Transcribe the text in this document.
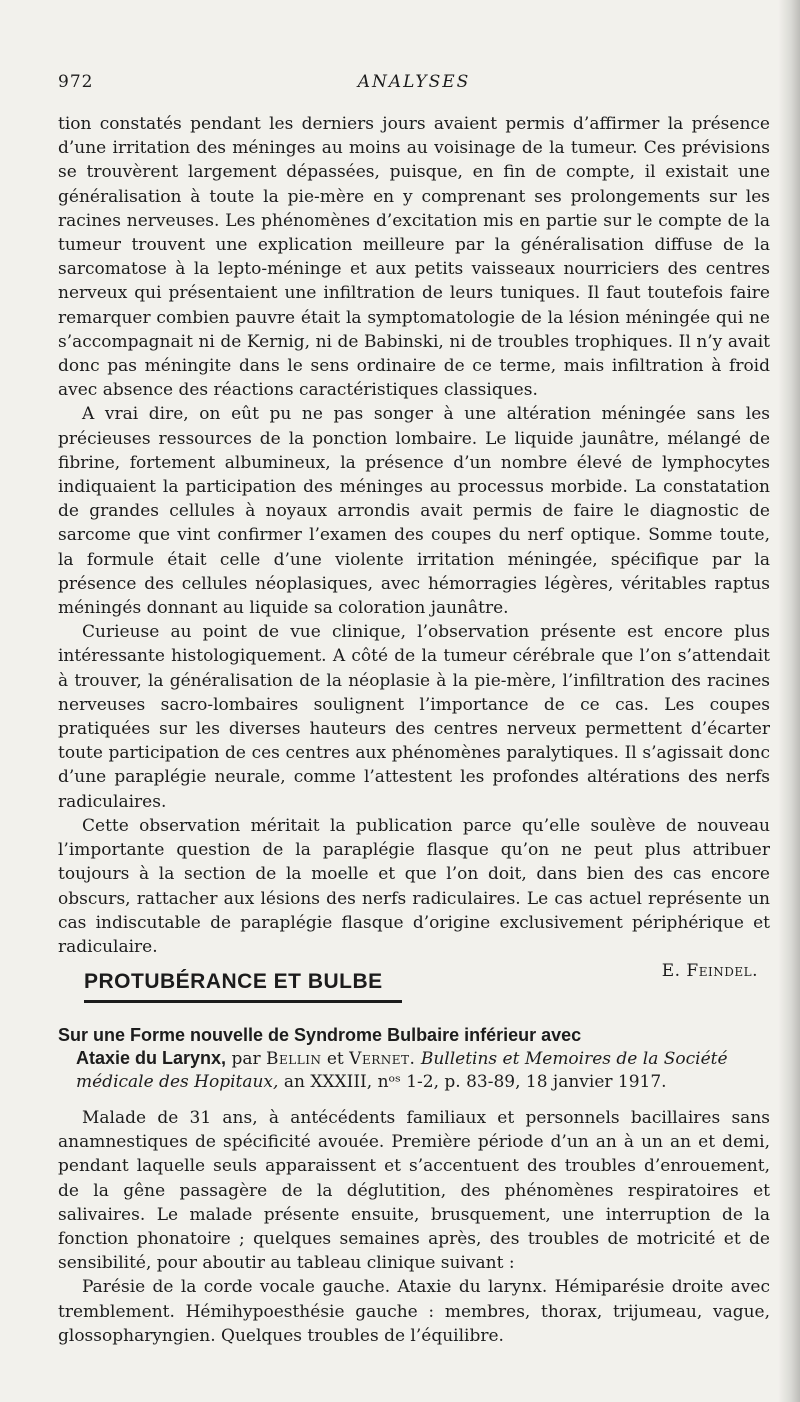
972	ANALYSES

tion constatés pendant les derniers jours avaient permis d’affirmer la présence d’une irritation des méninges au moins au voisinage de la tumeur. Ces prévisions se trouvèrent largement dépassées, puisque, en fin de compte, il existait une généralisation à toute la pie-mère en y comprenant ses prolongements sur les racines nerveuses. Les phénomènes d’excitation mis en partie sur le compte de la tumeur trouvent une explication meilleure par la généralisation diffuse de la sarcomatose à la lepto-méninge et aux petits vaisseaux nourriciers des centres nerveux qui présentaient une infiltration de leurs tuniques. Il faut toutefois faire remarquer combien pauvre était la symptomatologie de la lésion méningée qui ne s’accompagnait ni de Kernig, ni de Babinski, ni de troubles trophiques. Il n’y avait donc pas méningite dans le sens ordinaire de ce terme, mais infiltration à froid avec absence des réactions caractéristiques classiques.

A vrai dire, on eût pu ne pas songer à une altération méningée sans les précieuses ressources de la ponction lombaire. Le liquide jaunâtre, mélangé de fibrine, fortement albumineux, la présence d’un nombre élevé de lymphocytes indiquaient la participation des méninges au processus morbide. La constatation de grandes cellules à noyaux arrondis avait permis de faire le diagnostic de sarcome que vint confirmer l’examen des coupes du nerf optique. Somme toute, la formule était celle d’une violente irritation méningée, spécifique par la présence des cellules néoplasiques, avec hémorragies légères, véritables raptus méningés donnant au liquide sa coloration jaunâtre.

Curieuse au point de vue clinique, l’observation présente est encore plus intéressante histologiquement. A côté de la tumeur cérébrale que l’on s’attendait à trouver, la généralisation de la néoplasie à la pie-mère, l’infiltration des racines nerveuses sacro-lombaires soulignent l’importance de ce cas. Les coupes pratiquées sur les diverses hauteurs des centres nerveux permettent d’écarter toute participation de ces centres aux phénomènes paralytiques. Il s’agissait donc d’une paraplégie neurale, comme l’attestent les profondes altérations des nerfs radiculaires.

Cette observation méritait la publication parce qu’elle soulève de nouveau l’importante question de la paraplégie flasque qu’on ne peut plus attribuer toujours à la section de la moelle et que l’on doit, dans bien des cas encore obscurs, rattacher aux lésions des nerfs radiculaires. Le cas actuel représente un cas indiscutable de paraplégie flasque d’origine exclusivement périphérique et radiculaire.

E. Feindel.

PROTUBÉRANCE ET BULBE
Sur une Forme nouvelle de Syndrome Bulbaire inférieur avec
Ataxie du Larynx, par Bellin et Vernet. Bulletins et Memoires de la Société médicale des Hopitaux, an XXXIII, nᵒˢ 1-2, p. 83-89, 18 janvier 1917.

Malade de 31 ans, à antécédents familiaux et personnels bacillaires sans anamnestiques de spécificité avouée. Première période d’un an à un an et demi, pendant laquelle seuls apparaissent et s’accentuent des troubles d’enrouement, de la gêne passagère de la déglutition, des phénomènes respiratoires et salivaires. Le malade présente ensuite, brusquement, une interruption de la fonction phonatoire ; quelques semaines après, des troubles de motricité et de sensibilité, pour aboutir au tableau clinique suivant :

Parésie de la corde vocale gauche. Ataxie du larynx. Hémiparésie droite avec tremblement. Hémihypoesthésie gauche : membres, thorax, trijumeau, vague, glossopharyngien. Quelques troubles de l’équilibre.
